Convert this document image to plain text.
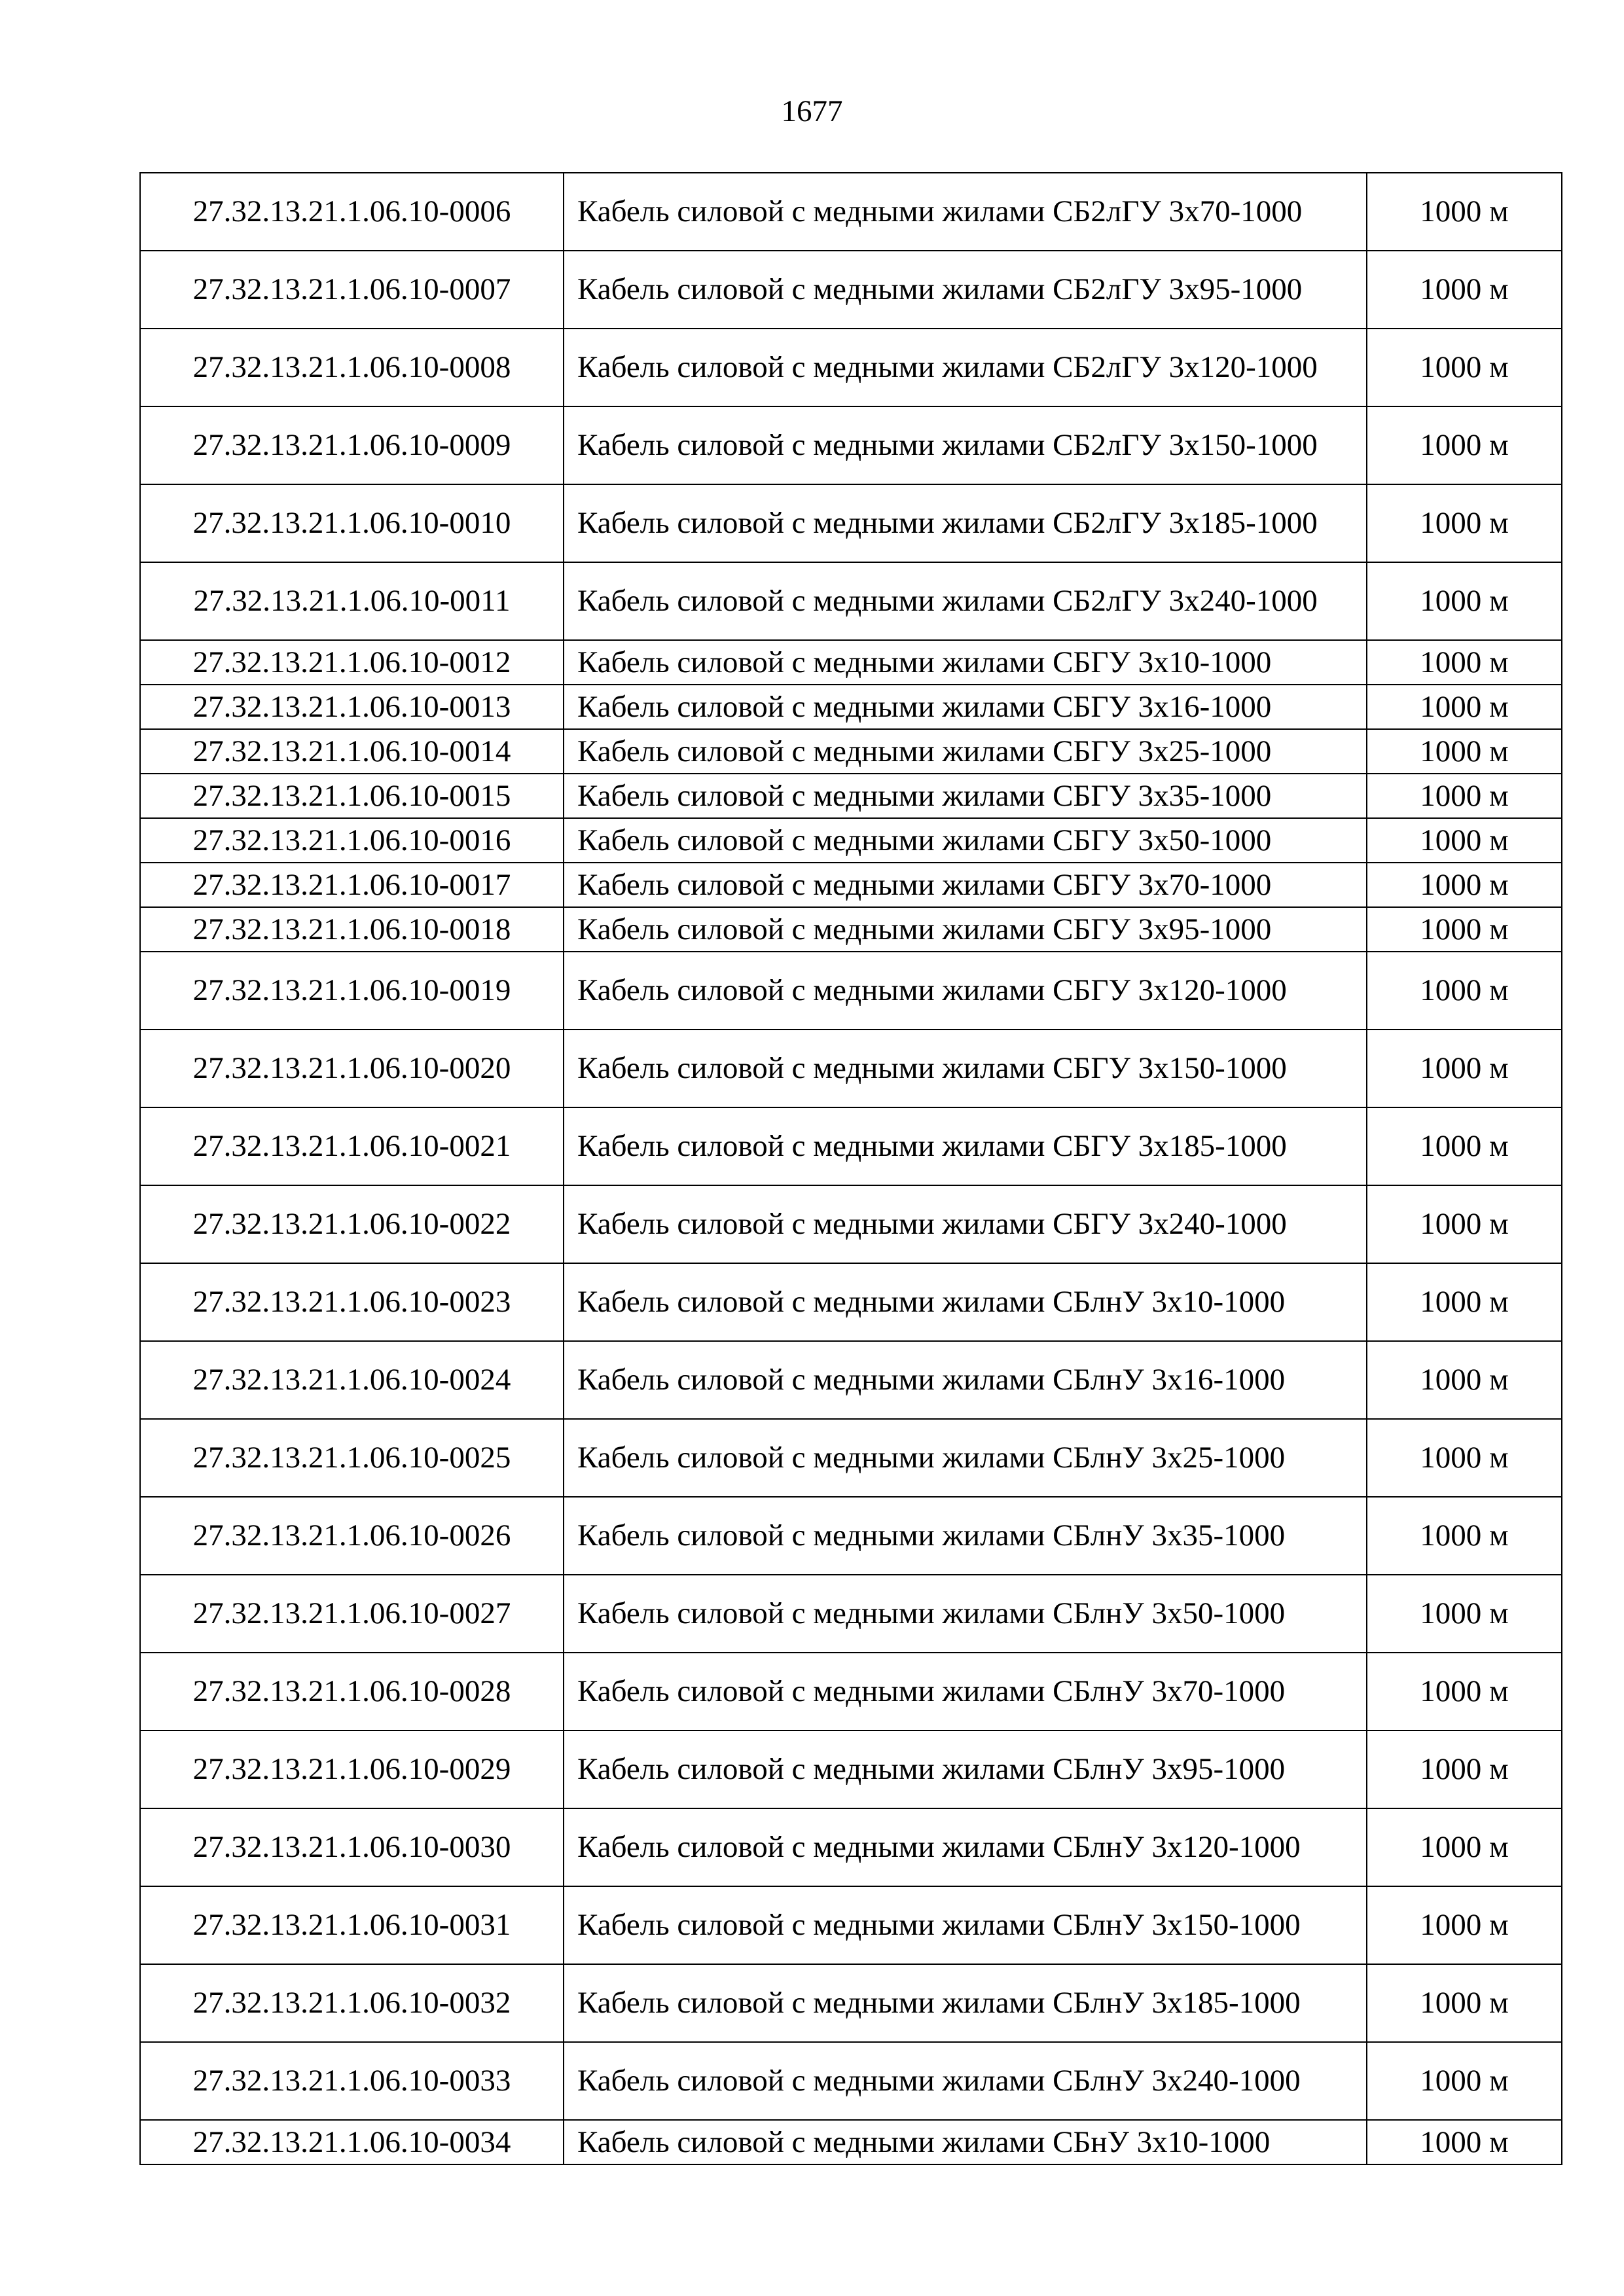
1677
27.32.13.21.1.06.10-0006	Кабель силовой с медными жилами СБ2лГУ 3х70-1000	1000 м
27.32.13.21.1.06.10-0007	Кабель силовой с медными жилами СБ2лГУ 3х95-1000	1000 м
27.32.13.21.1.06.10-0008	Кабель силовой с медными жилами СБ2лГУ 3х120-1000	1000 м
27.32.13.21.1.06.10-0009	Кабель силовой с медными жилами СБ2лГУ 3х150-1000	1000 м
27.32.13.21.1.06.10-0010	Кабель силовой с медными жилами СБ2лГУ 3х185-1000	1000 м
27.32.13.21.1.06.10-0011	Кабель силовой с медными жилами СБ2лГУ 3х240-1000	1000 м
27.32.13.21.1.06.10-0012	Кабель силовой с медными жилами СБГУ 3х10-1000	1000 м
27.32.13.21.1.06.10-0013	Кабель силовой с медными жилами СБГУ 3х16-1000	1000 м
27.32.13.21.1.06.10-0014	Кабель силовой с медными жилами СБГУ 3х25-1000	1000 м
27.32.13.21.1.06.10-0015	Кабель силовой с медными жилами СБГУ 3х35-1000	1000 м
27.32.13.21.1.06.10-0016	Кабель силовой с медными жилами СБГУ 3х50-1000	1000 м
27.32.13.21.1.06.10-0017	Кабель силовой с медными жилами СБГУ 3х70-1000	1000 м
27.32.13.21.1.06.10-0018	Кабель силовой с медными жилами СБГУ 3х95-1000	1000 м
27.32.13.21.1.06.10-0019	Кабель силовой с медными жилами СБГУ 3х120-1000	1000 м
27.32.13.21.1.06.10-0020	Кабель силовой с медными жилами СБГУ 3х150-1000	1000 м
27.32.13.21.1.06.10-0021	Кабель силовой с медными жилами СБГУ 3х185-1000	1000 м
27.32.13.21.1.06.10-0022	Кабель силовой с медными жилами СБГУ 3х240-1000	1000 м
27.32.13.21.1.06.10-0023	Кабель силовой с медными жилами СБлнУ 3х10-1000	1000 м
27.32.13.21.1.06.10-0024	Кабель силовой с медными жилами СБлнУ 3х16-1000	1000 м
27.32.13.21.1.06.10-0025	Кабель силовой с медными жилами СБлнУ 3х25-1000	1000 м
27.32.13.21.1.06.10-0026	Кабель силовой с медными жилами СБлнУ 3х35-1000	1000 м
27.32.13.21.1.06.10-0027	Кабель силовой с медными жилами СБлнУ 3х50-1000	1000 м
27.32.13.21.1.06.10-0028	Кабель силовой с медными жилами СБлнУ 3х70-1000	1000 м
27.32.13.21.1.06.10-0029	Кабель силовой с медными жилами СБлнУ 3х95-1000	1000 м
27.32.13.21.1.06.10-0030	Кабель силовой с медными жилами СБлнУ 3х120-1000	1000 м
27.32.13.21.1.06.10-0031	Кабель силовой с медными жилами СБлнУ 3х150-1000	1000 м
27.32.13.21.1.06.10-0032	Кабель силовой с медными жилами СБлнУ 3х185-1000	1000 м
27.32.13.21.1.06.10-0033	Кабель силовой с медными жилами СБлнУ 3х240-1000	1000 м
27.32.13.21.1.06.10-0034	Кабель силовой с медными жилами СБнУ 3х10-1000	1000 м
